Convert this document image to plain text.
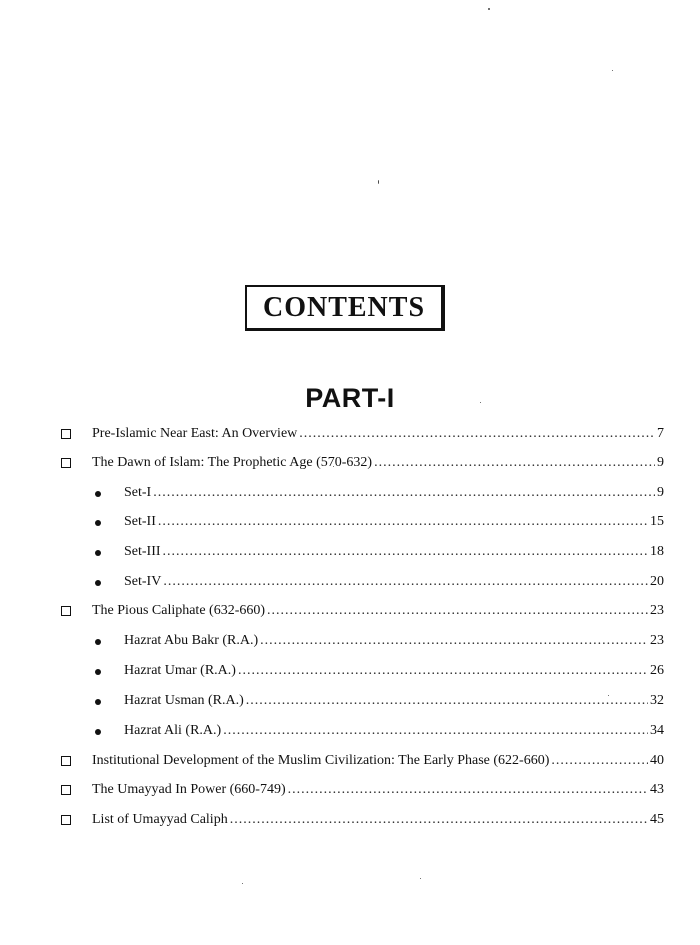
CONTENTS
PART-I
Pre-Islamic Near East: An Overview .....	7
The Dawn of Islam: The Prophetic Age (570-632) .....	9
Set-I .....	9
Set-II .....	15
Set-III .....	18
Set-IV .....	20
The Pious Caliphate (632-660) .....	23
Hazrat Abu Bakr (R.A.) .....	23
Hazrat Umar (R.A.) .....	26
Hazrat Usman (R.A.) .....	32
Hazrat Ali (R.A.) .....	34
Institutional Development of the Muslim Civilization: The Early Phase (622-660) .....	40
The Umayyad In Power (660-749) .....	43
List of Umayyad Caliph .....	45
